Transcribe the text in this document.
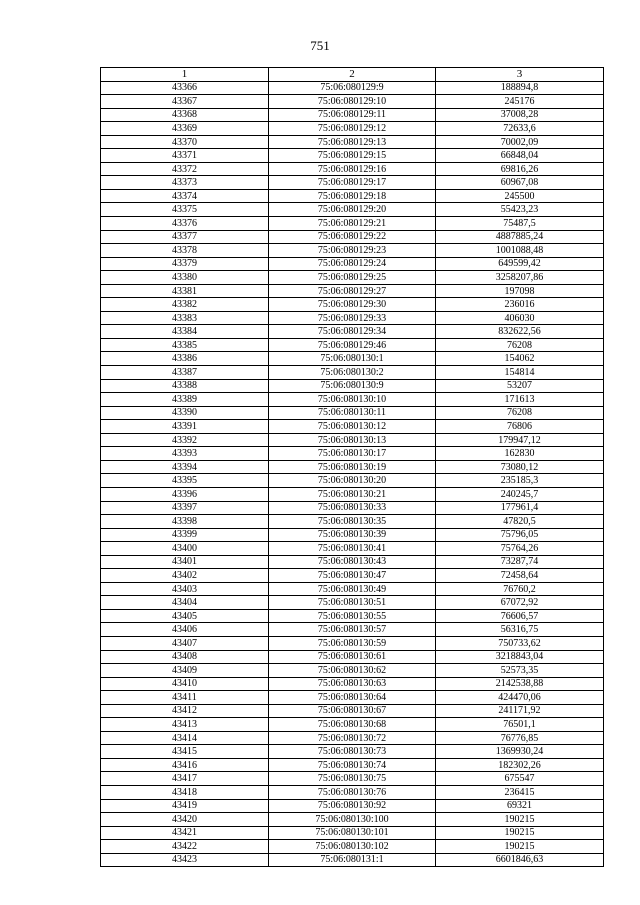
751
1	2	3
43366	75:06:080129:9	188894,8
43367	75:06:080129:10	245176
43368	75:06:080129:11	37008,28
43369	75:06:080129:12	72633,6
43370	75:06:080129:13	70002,09
43371	75:06:080129:15	66848,04
43372	75:06:080129:16	69816,26
43373	75:06:080129:17	60967,08
43374	75:06:080129:18	245500
43375	75:06:080129:20	55423,23
43376	75:06:080129:21	75487,5
43377	75:06:080129:22	4887885,24
43378	75:06:080129:23	1001088,48
43379	75:06:080129:24	649599,42
43380	75:06:080129:25	3258207,86
43381	75:06:080129:27	197098
43382	75:06:080129:30	236016
43383	75:06:080129:33	406030
43384	75:06:080129:34	832622,56
43385	75:06:080129:46	76208
43386	75:06:080130:1	154062
43387	75:06:080130:2	154814
43388	75:06:080130:9	53207
43389	75:06:080130:10	171613
43390	75:06:080130:11	76208
43391	75:06:080130:12	76806
43392	75:06:080130:13	179947,12
43393	75:06:080130:17	162830
43394	75:06:080130:19	73080,12
43395	75:06:080130:20	235185,3
43396	75:06:080130:21	240245,7
43397	75:06:080130:33	177961,4
43398	75:06:080130:35	47820,5
43399	75:06:080130:39	75796,05
43400	75:06:080130:41	75764,26
43401	75:06:080130:43	73287,74
43402	75:06:080130:47	72458,64
43403	75:06:080130:49	76760,2
43404	75:06:080130:51	67072,92
43405	75:06:080130:55	76606,57
43406	75:06:080130:57	56316,75
43407	75:06:080130:59	750733,62
43408	75:06:080130:61	3218843,04
43409	75:06:080130:62	52573,35
43410	75:06:080130:63	2142538,88
43411	75:06:080130:64	424470,06
43412	75:06:080130:67	241171,92
43413	75:06:080130:68	76501,1
43414	75:06:080130:72	76776,85
43415	75:06:080130:73	1369930,24
43416	75:06:080130:74	182302,26
43417	75:06:080130:75	675547
43418	75:06:080130:76	236415
43419	75:06:080130:92	69321
43420	75:06:080130:100	190215
43421	75:06:080130:101	190215
43422	75:06:080130:102	190215
43423	75:06:080131:1	6601846,63
